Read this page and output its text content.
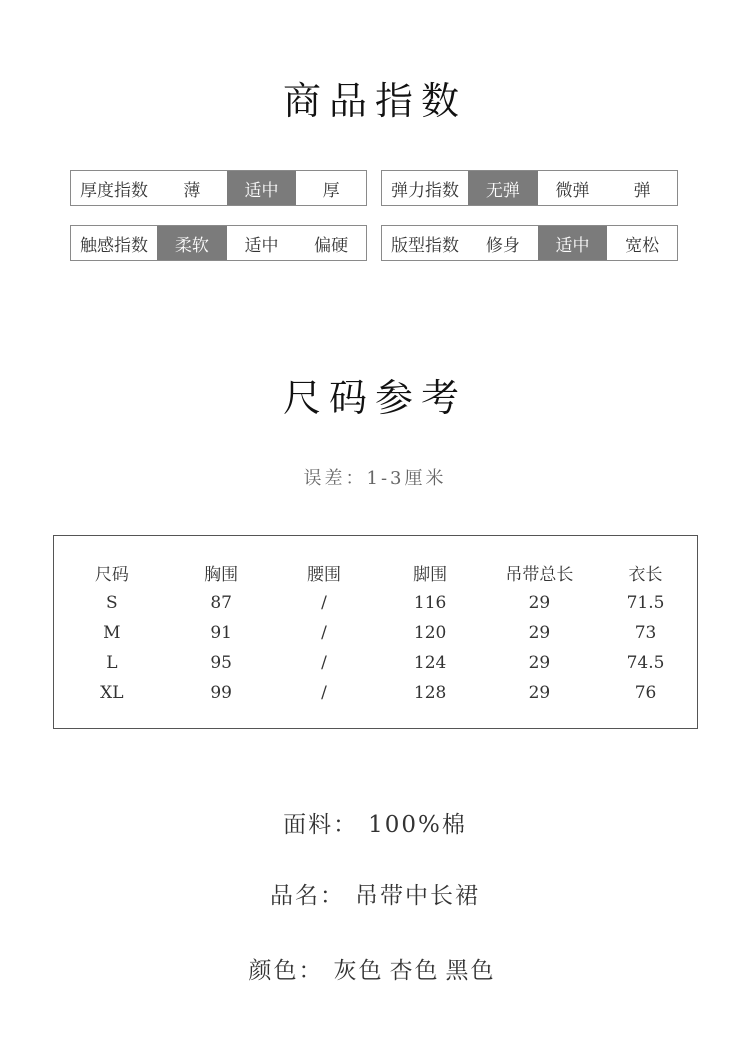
商品指数
厚度指数	薄	适中	厚	弹力指数	无弹	微弹	弹
触感指数	柔软	适中	偏硬	版型指数	修身	适中	宽松
尺码参考
误差：1-3厘米
尺码	胸围	腰围	脚围	吊带总长	衣长
S	87	/	116	29	71.5
M	91	/	120	29	73
L	95	/	124	29	74.5
XL	99	/	128	29	76
面料： 100%棉
品名： 吊带中长裙
颜色： 灰色 杏色 黑色
